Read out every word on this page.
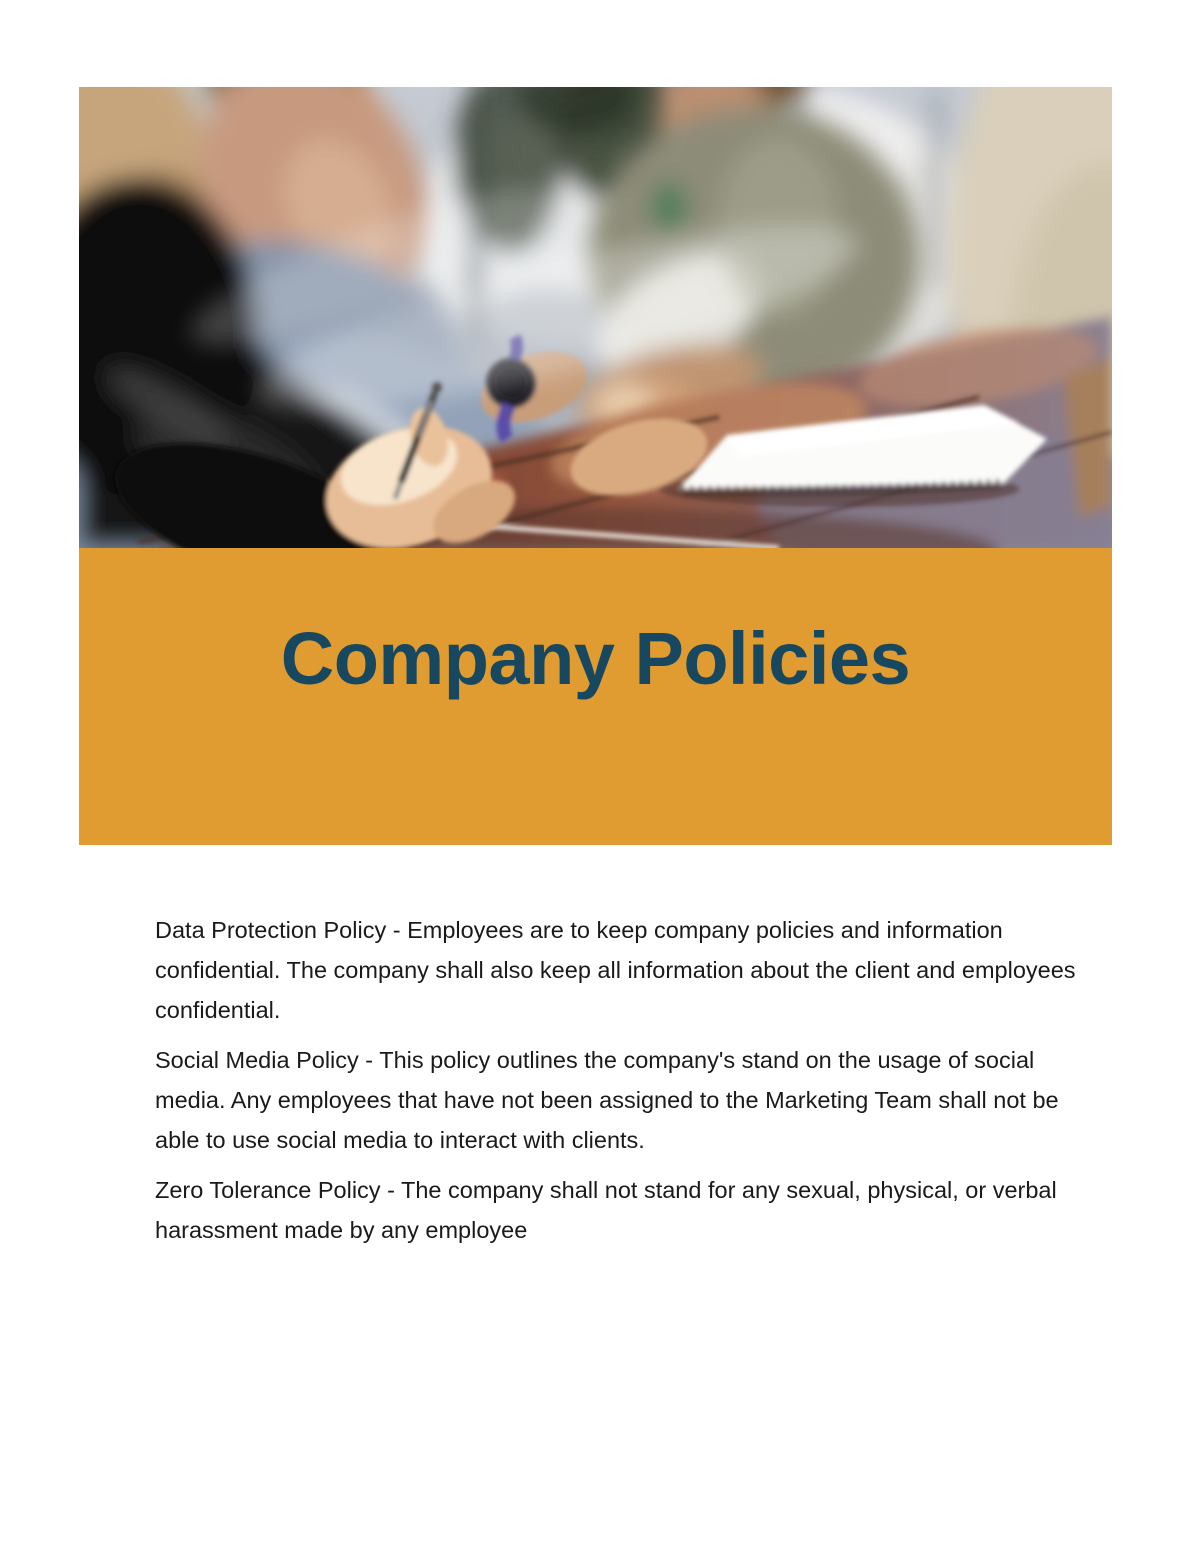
Company Policies

Data Protection Policy - Employees are to keep company policies and information confidential. The company shall also keep all information about the client and employees confidential.

Social Media Policy - This policy outlines the company's stand on the usage of social media. Any employees that have not been assigned to the Marketing Team shall not be able to use social media to interact with clients.

Zero Tolerance Policy - The company shall not stand for any sexual, physical, or verbal harassment made by any employee
